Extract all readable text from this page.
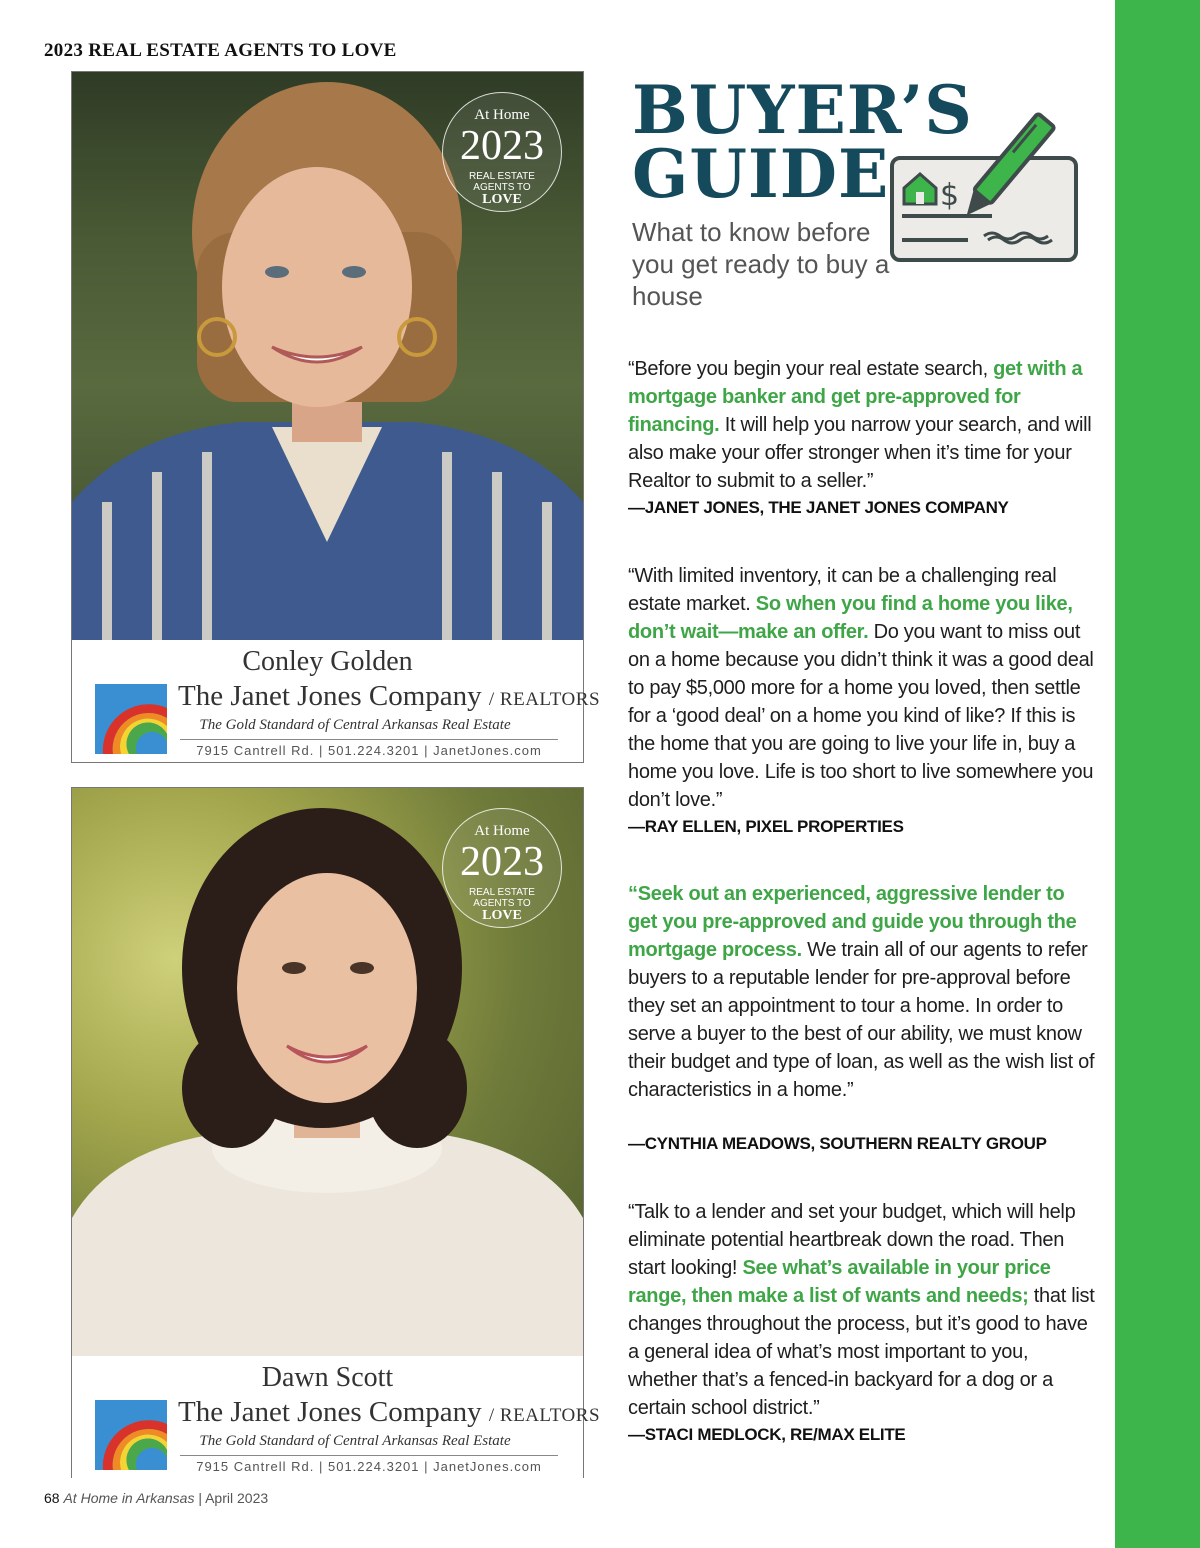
2023 REAL ESTATE AGENTS TO LOVE
At Home
2023
REAL ESTATE
AGENTS TO
LOVE
Conley Golden
The Janet Jones Company / REALTORS
The Gold Standard of Central Arkansas Real Estate
7915 Cantrell Rd. | 501.224.3201 | JanetJones.com
At Home
2023
REAL ESTATE
AGENTS TO
LOVE
Dawn Scott
The Janet Jones Company / REALTORS
The Gold Standard of Central Arkansas Real Estate
7915 Cantrell Rd. | 501.224.3201 | JanetJones.com
BUYER’S
GUIDE
What to know before you get ready to buy a house
$
“Before you begin your real estate search, get with a mortgage banker and get pre-approved for financing. It will help you narrow your search, and will also make your offer stronger when it’s time for your Realtor to submit to a seller.”
—JANET JONES, THE JANET JONES COMPANY
“With limited inventory, it can be a challenging real estate market. So when you find a home you like, don’t wait—make an offer. Do you want to miss out on a home because you didn’t think it was a good deal to pay $5,000 more for a home you loved, then settle for a ‘good deal’ on a home you kind of like? If this is the home that you are going to live your life in, buy a home you love. Life is too short to live somewhere you don’t love.”
—RAY ELLEN, PIXEL PROPERTIES
“Seek out an experienced, aggressive lender to get you pre-approved and guide you through the mortgage process. We train all of our agents to refer buyers to a reputable lender for pre-approval before they set an appointment to tour a home. In order to serve a buyer to the best of our ability, we must know their budget and type of loan, as well as the wish list of characteristics in a home.”
—CYNTHIA MEADOWS, SOUTHERN REALTY GROUP
“Talk to a lender and set your budget, which will help eliminate potential heartbreak down the road. Then start looking! See what’s available in your price range, then make a list of wants and needs; that list changes throughout the process, but it’s good to have a general idea of what’s most important to you, whether that’s a fenced-in backyard for a dog or a certain school district.”
—STACI MEDLOCK, RE/MAX ELITE
68 At Home in Arkansas | April 2023
